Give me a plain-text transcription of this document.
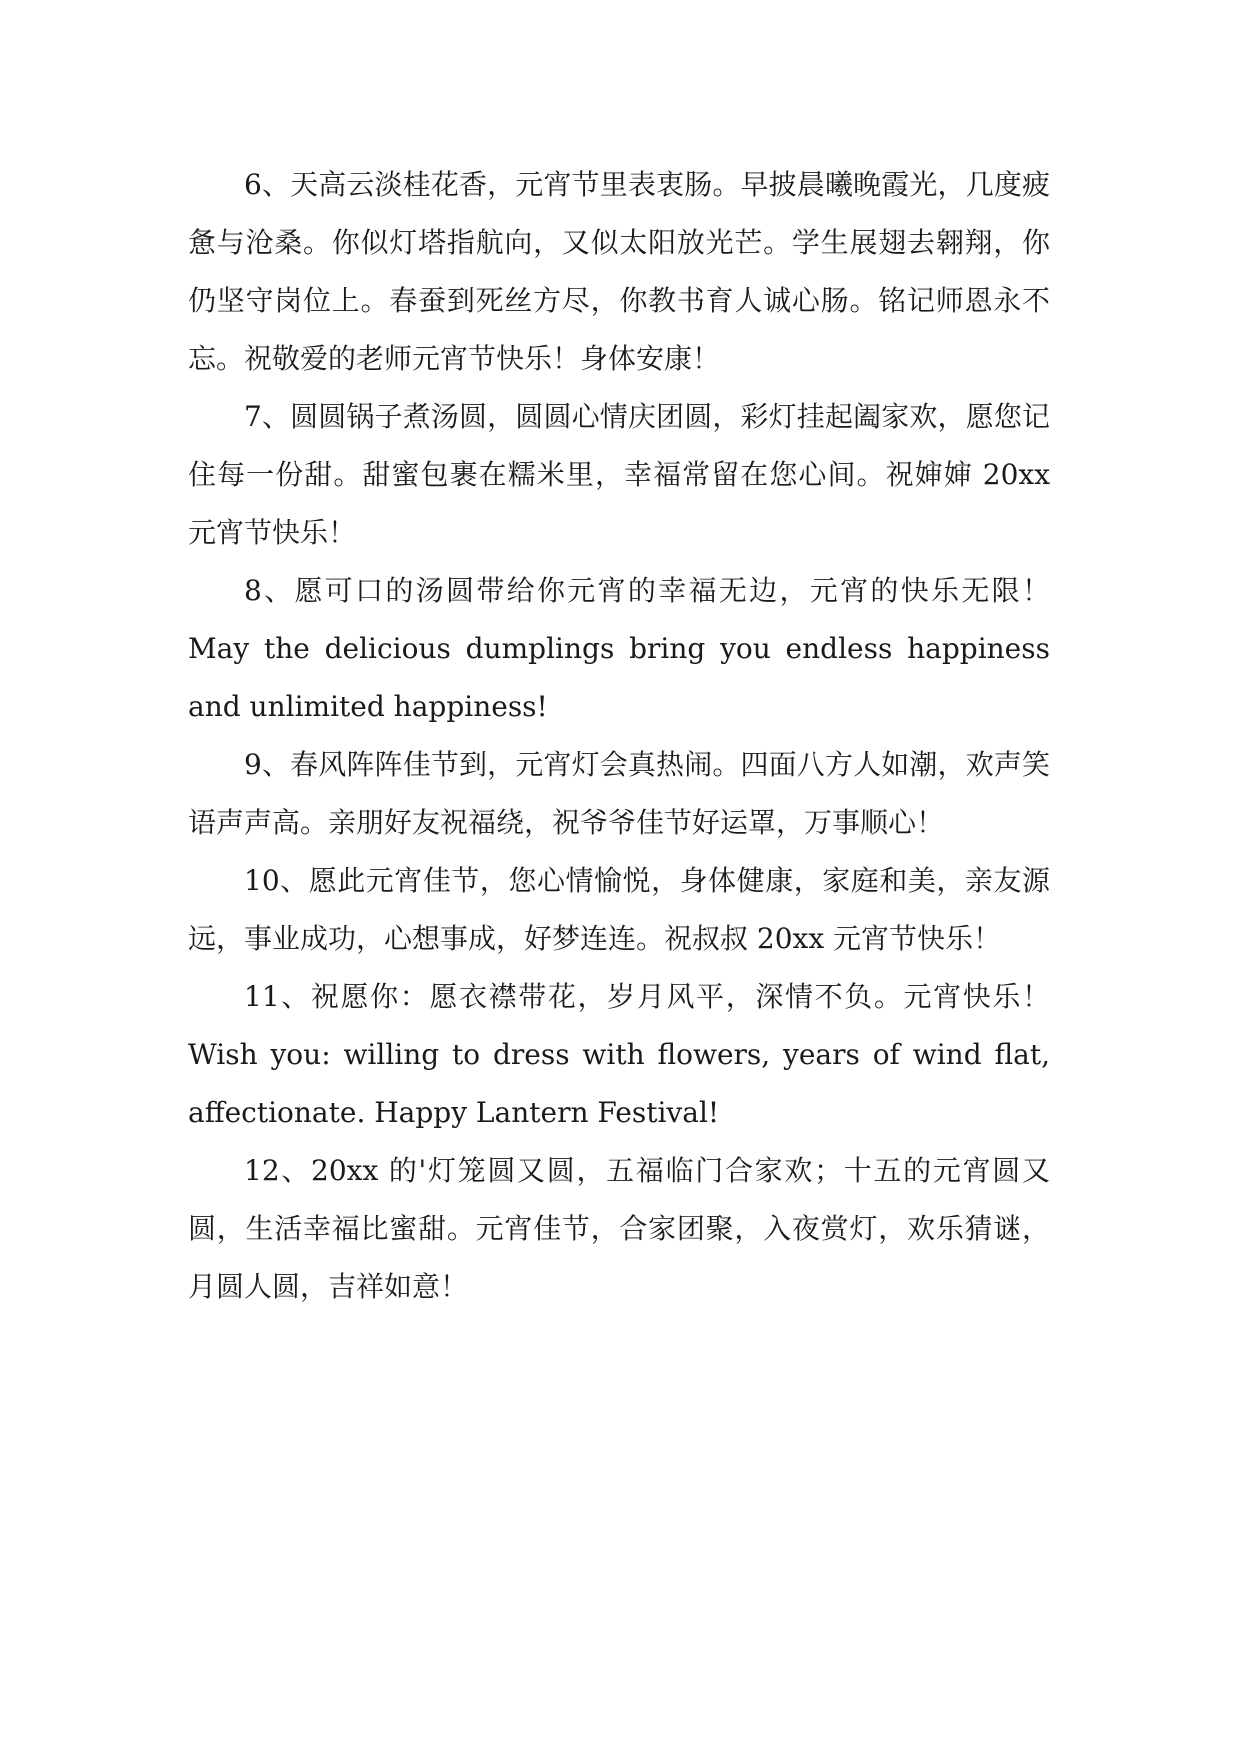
6、天高云淡桂花香，元宵节里表衷肠。早披晨曦晚霞光，几度疲惫与沧桑。你似灯塔指航向，又似太阳放光芒。学生展翅去翱翔，你仍坚守岗位上。春蚕到死丝方尽，你教书育人诚心肠。铭记师恩永不忘。祝敬爱的老师元宵节快乐！身体安康！

7、圆圆锅子煮汤圆，圆圆心情庆团圆，彩灯挂起阖家欢，愿您记住每一份甜。甜蜜包裹在糯米里，幸福常留在您心间。祝婶婶 20xx 元宵节快乐！

8、愿可口的汤圆带给你元宵的幸福无边，元宵的快乐无限！ May the delicious dumplings bring you endless happiness and unlimited happiness!

9、春风阵阵佳节到，元宵灯会真热闹。四面八方人如潮，欢声笑语声声高。亲朋好友祝福绕，祝爷爷佳节好运罩，万事顺心！

10、愿此元宵佳节，您心情愉悦，身体健康，家庭和美，亲友源远，事业成功，心想事成，好梦连连。祝叔叔 20xx 元宵节快乐！

11、祝愿你：愿衣襟带花，岁月风平，深情不负。元宵快乐！ Wish you: willing to dress with flowers, years of wind flat, affectionate. Happy Lantern Festival!

12、20xx 的'灯笼圆又圆，五福临门合家欢；十五的元宵圆又圆，生活幸福比蜜甜。元宵佳节，合家团聚，入夜赏灯，欢乐猜谜，月圆人圆，吉祥如意！
